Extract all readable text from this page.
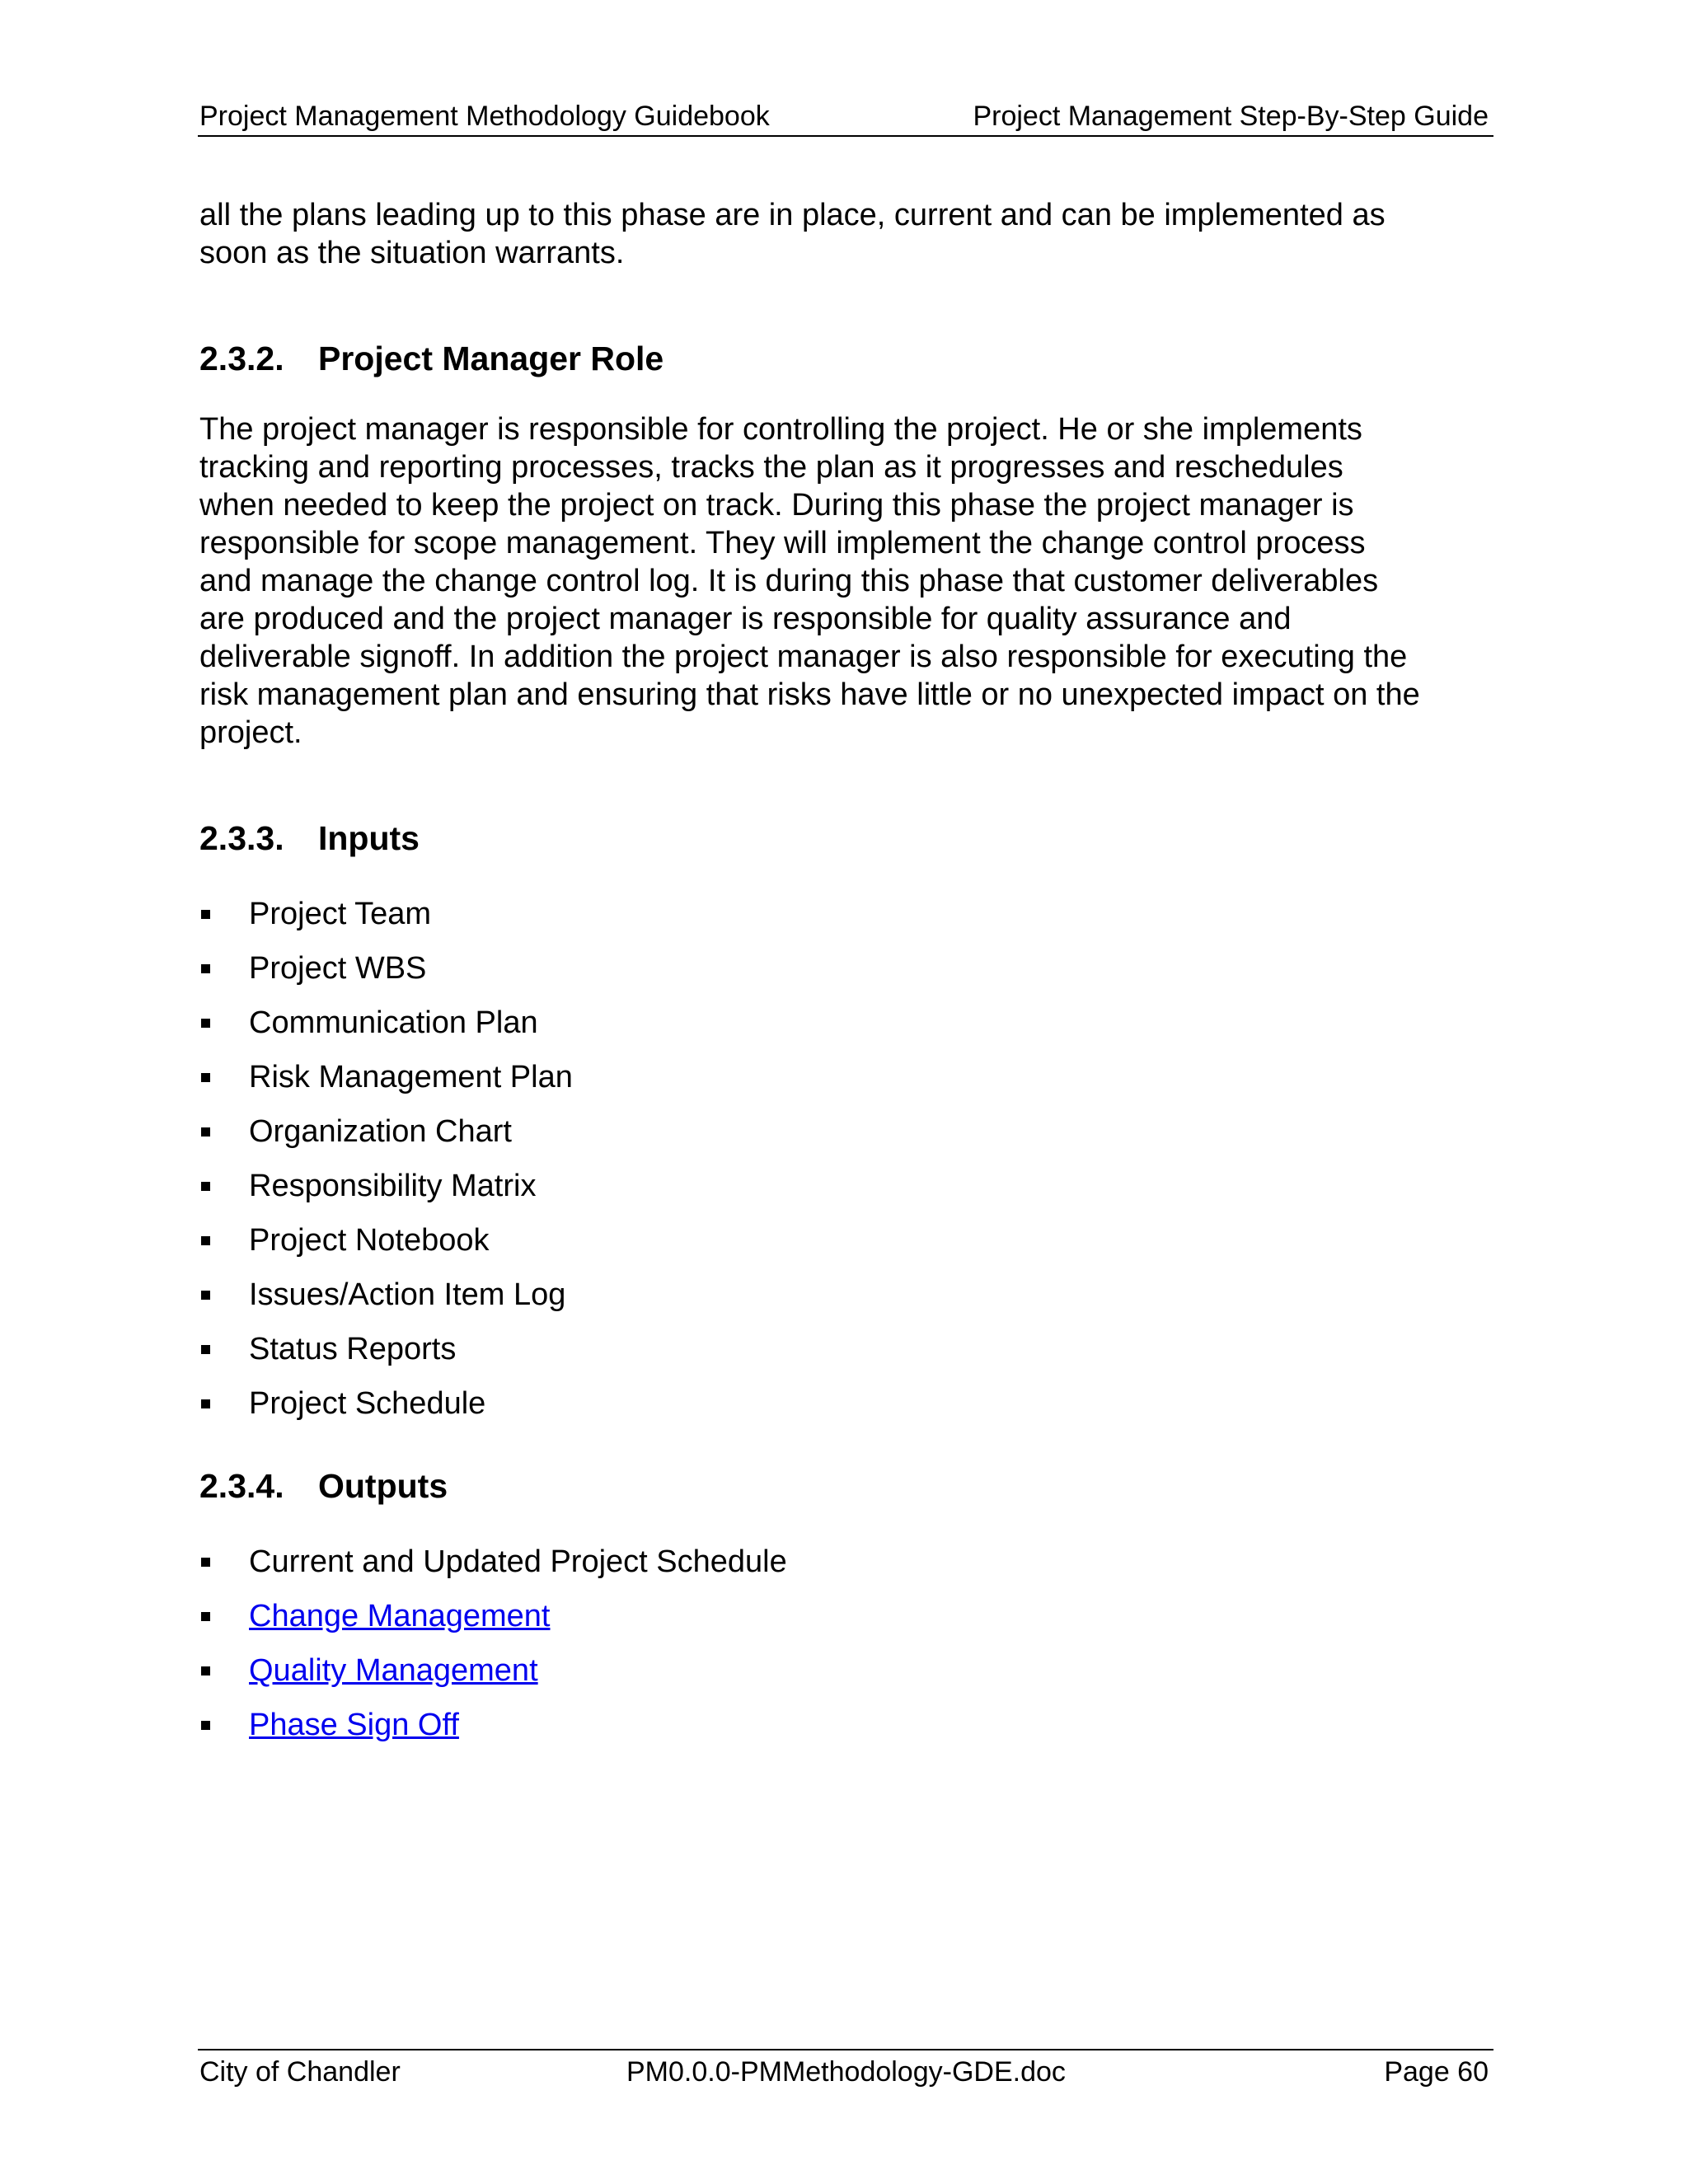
Project Management Methodology Guidebook	Project Management Step-By-Step Guide

all the plans leading up to this phase are in place, current and can be implemented as
soon as the situation warrants.

2.3.2. Project Manager Role

The project manager is responsible for controlling the project. He or she implements
tracking and reporting processes, tracks the plan as it progresses and reschedules
when needed to keep the project on track. During this phase the project manager is
responsible for scope management. They will implement the change control process
and manage the change control log. It is during this phase that customer deliverables
are produced and the project manager is responsible for quality assurance and
deliverable signoff. In addition the project manager is also responsible for executing the
risk management plan and ensuring that risks have little or no unexpected impact on the
project.

2.3.3. Inputs
Project Team
Project WBS
Communication Plan
Risk Management Plan
Organization Chart
Responsibility Matrix
Project Notebook
Issues/Action Item Log
Status Reports
Project Schedule
2.3.4. Outputs
Current and Updated Project Schedule
Change Management
Quality Management
Phase Sign Off
City of Chandler	PM0.0.0-PMMethodology-GDE.doc	Page 60
